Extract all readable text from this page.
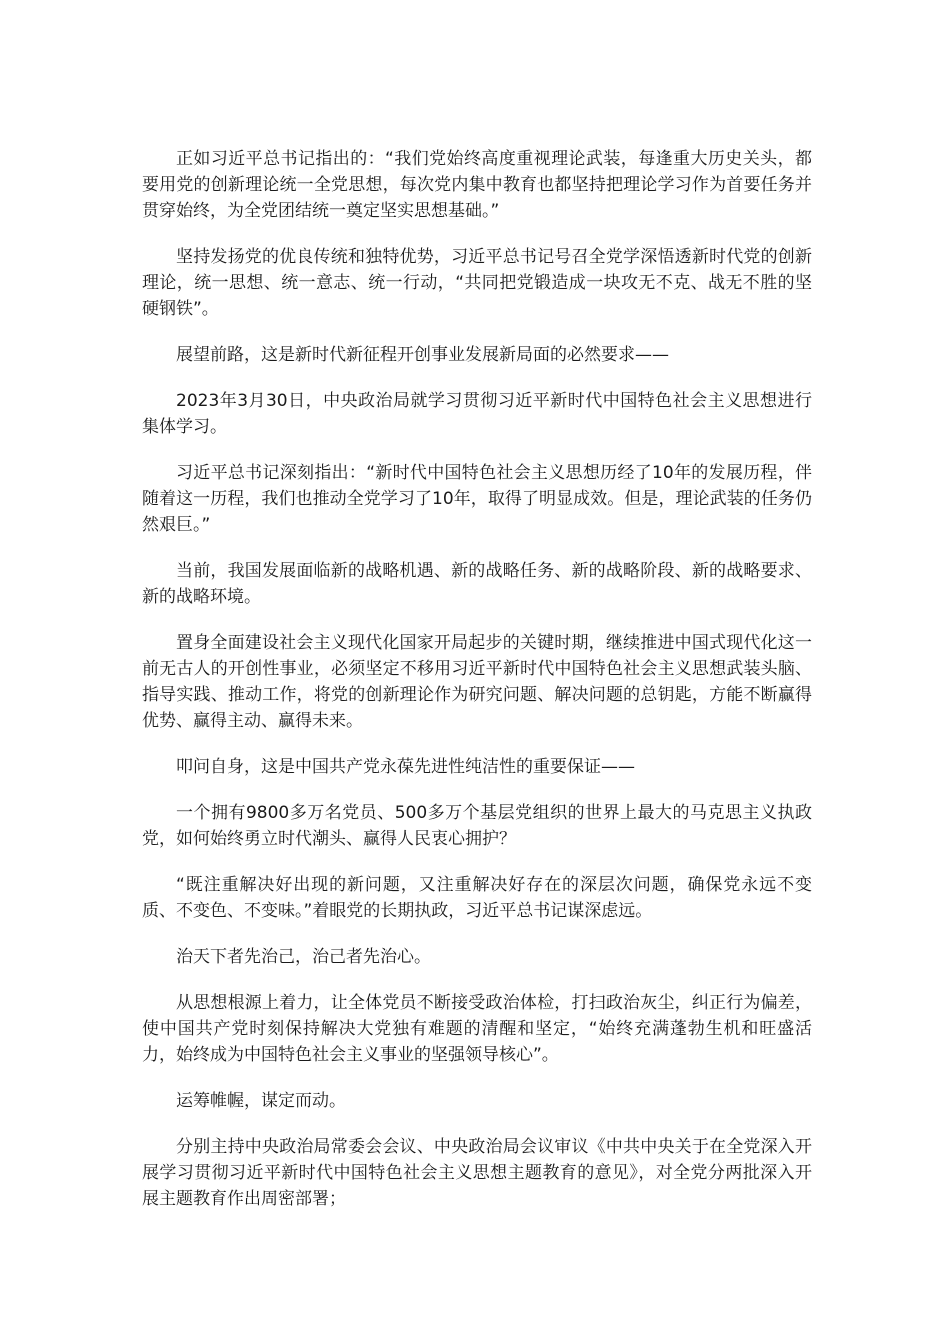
正如习近平总书记指出的：“我们党始终高度重视理论武装，每逢重大历史关头，都要用党的创新理论统一全党思想，每次党内集中教育也都坚持把理论学习作为首要任务并贯穿始终，为全党团结统一奠定坚实思想基础。”

坚持发扬党的优良传统和独特优势，习近平总书记号召全党学深悟透新时代党的创新理论，统一思想、统一意志、统一行动，“共同把党锻造成一块攻无不克、战无不胜的坚硬钢铁”。

展望前路，这是新时代新征程开创事业发展新局面的必然要求——

2023年3月30日，中央政治局就学习贯彻习近平新时代中国特色社会主义思想进行集体学习。

习近平总书记深刻指出：“新时代中国特色社会主义思想历经了10年的发展历程，伴随着这一历程，我们也推动全党学习了10年，取得了明显成效。但是，理论武装的任务仍然艰巨。”

当前，我国发展面临新的战略机遇、新的战略任务、新的战略阶段、新的战略要求、新的战略环境。

置身全面建设社会主义现代化国家开局起步的关键时期，继续推进中国式现代化这一前无古人的开创性事业，必须坚定不移用习近平新时代中国特色社会主义思想武装头脑、指导实践、推动工作，将党的创新理论作为研究问题、解决问题的总钥匙，方能不断赢得优势、赢得主动、赢得未来。

叩问自身，这是中国共产党永葆先进性纯洁性的重要保证——

一个拥有9800多万名党员、500多万个基层党组织的世界上最大的马克思主义执政党，如何始终勇立时代潮头、赢得人民衷心拥护？

“既注重解决好出现的新问题，又注重解决好存在的深层次问题，确保党永远不变质、不变色、不变味。”着眼党的长期执政，习近平总书记谋深虑远。

治天下者先治己，治己者先治心。

从思想根源上着力，让全体党员不断接受政治体检，打扫政治灰尘，纠正行为偏差，使中国共产党时刻保持解决大党独有难题的清醒和坚定，“始终充满蓬勃生机和旺盛活力，始终成为中国特色社会主义事业的坚强领导核心”。

运筹帷幄，谋定而动。

分别主持中央政治局常委会会议、中央政治局会议审议《中共中央关于在全党深入开展学习贯彻习近平新时代中国特色社会主义思想主题教育的意见》，对全党分两批深入开展主题教育作出周密部署；
